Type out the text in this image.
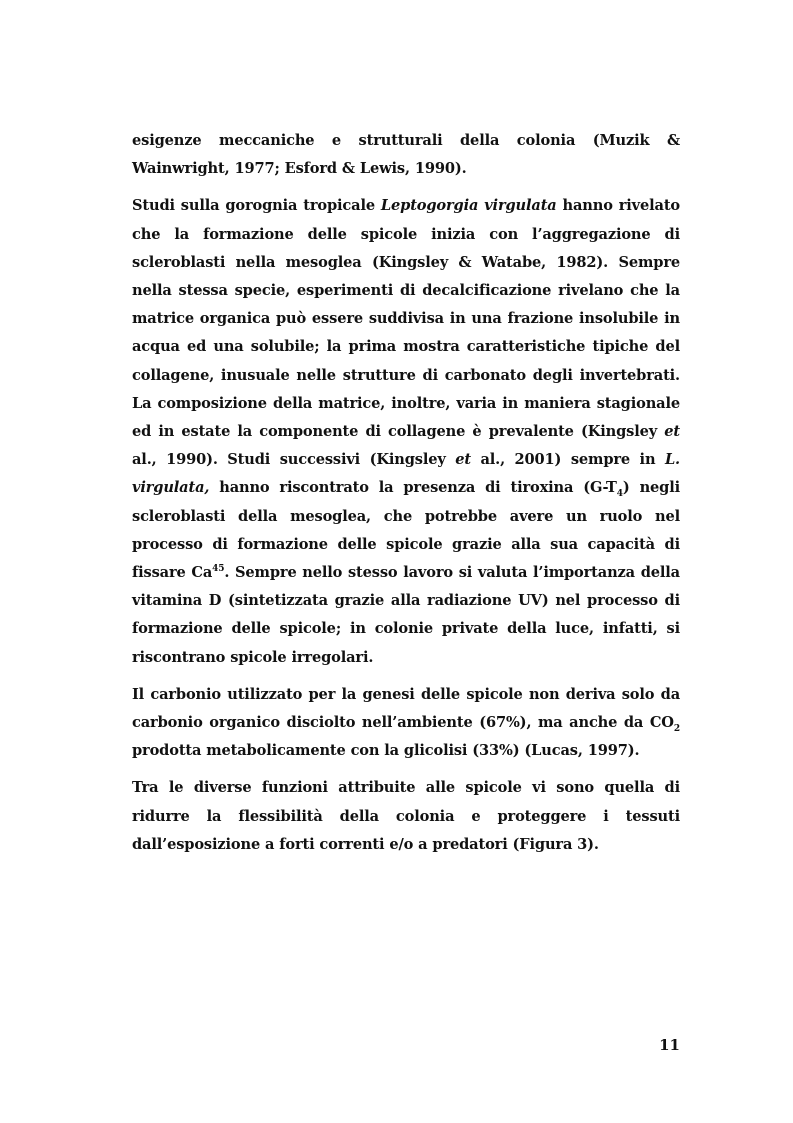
esigenze meccaniche e strutturali della colonia (Muzik & Wainwright, 1977; Esford & Lewis, 1990).

Studi sulla gorognia tropicale Leptogorgia virgulata hanno rivelato che la formazione delle spicole inizia con l’aggregazione di scleroblasti nella mesoglea (Kingsley & Watabe, 1982). Sempre nella stessa specie, esperimenti di decalcificazione rivelano che la matrice organica può essere suddivisa in una frazione insolubile in acqua ed una solubile; la prima mostra caratteristiche tipiche del collagene, inusuale nelle strutture di carbonato degli invertebrati. La composizione della matrice, inoltre, varia in maniera stagionale ed in estate la componente di collagene è prevalente (Kingsley et al., 1990). Studi successivi (Kingsley et al., 2001) sempre in L. virgulata, hanno riscontrato la presenza di tiroxina $(G-T_4)$ negli scleroblasti della mesoglea, che potrebbe avere un ruolo nel processo di formazione delle spicole grazie alla sua capacità di fissare Ca$^{45}$. Sempre nello stesso lavoro si valuta l’importanza della vitamina D (sintetizzata grazie alla radiazione UV) nel processo di formazione delle spicole; in colonie private della luce, infatti, si riscontrano spicole irregolari.

Il carbonio utilizzato per la genesi delle spicole non deriva solo da carbonio organico disciolto nell’ambiente (67%), ma anche da $CO_2$ prodotta metabolicamente con la glicolisi (33%) (Lucas, 1997).

Tra le diverse funzioni attribuite alle spicole vi sono quella di ridurre la flessibilità della colonia e proteggere i tessuti dall’esposizione a forti correnti e/o a predatori (Figura 3).

11
